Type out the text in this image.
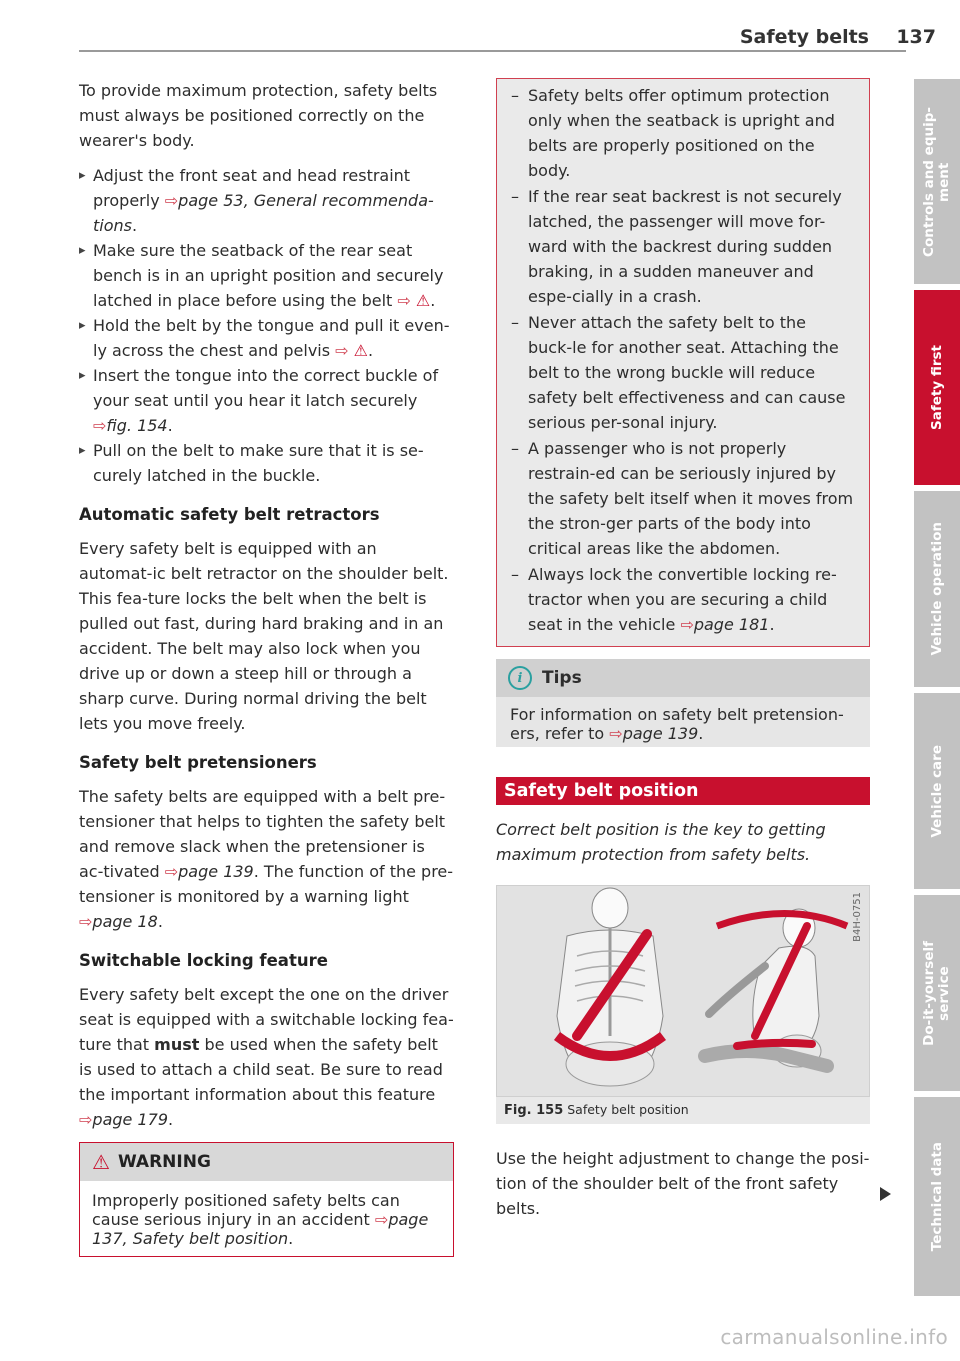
Safety belts 137

To provide maximum protection, safety belts must always be positioned correctly on the wearer's body.

▸ Adjust the front seat and head restraint properly ⇨page 53, General recommenda-tions.
▸ Make sure the seatback of the rear seat bench is in an upright position and securely latched in place before using the belt ⇨ ⚠.
▸ Hold the belt by the tongue and pull it even-ly across the chest and pelvis ⇨ ⚠.
▸ Insert the tongue into the correct buckle of your seat until you hear it latch securely ⇨fig. 154.
▸ Pull on the belt to make sure that it is se-curely latched in the buckle.
Automatic safety belt retractors

Every safety belt is equipped with an automat-ic belt retractor on the shoulder belt. This fea-ture locks the belt when the belt is pulled out fast, during hard braking and in an accident. The belt may also lock when you drive up or down a steep hill or through a sharp curve. During normal driving the belt lets you move freely.

Safety belt pretensioners

The safety belts are equipped with a belt pre-tensioner that helps to tighten the safety belt and remove slack when the pretensioner is ac-tivated ⇨page 139. The function of the pre-tensioner is monitored by a warning light ⇨page 18.

Switchable locking feature

Every safety belt except the one on the driver seat is equipped with a switchable locking fea-ture that must be used when the safety belt is used to attach a child seat. Be sure to read the important information about this feature ⇨page 179.

⚠ WARNING
Improperly positioned safety belts can cause serious injury in an accident ⇨page 137, Safety belt position.
– Safety belts offer optimum protection only when the seatback is upright and belts are properly positioned on the body.
– If the rear seat backrest is not securely latched, the passenger will move for-ward with the backrest during sudden braking, in a sudden maneuver and espe-cially in a crash.
– Never attach the safety belt to the buck-le for another seat. Attaching the belt to the wrong buckle will reduce safety belt effectiveness and can cause serious per-sonal injury.
– A passenger who is not properly restrain-ed can be seriously injured by the safety belt itself when it moves from the stron-ger parts of the body into critical areas like the abdomen.
– Always lock the convertible locking re-tractor when you are securing a child seat in the vehicle ⇨page 181.
i	Tips
For information on safety belt pretension-ers, refer to ⇨page 139.
Safety belt position

Correct belt position is the key to getting maximum protection from safety belts.

B4H-0751
Fig. 155 Safety belt position

Use the height adjustment to change the posi-tion of the shoulder belt of the front safety belts.

Controls and equip-
ment
Safety first
Vehicle operation
Vehicle care
Do-it-yourself
service
Technical data
carmanualsonline.info
